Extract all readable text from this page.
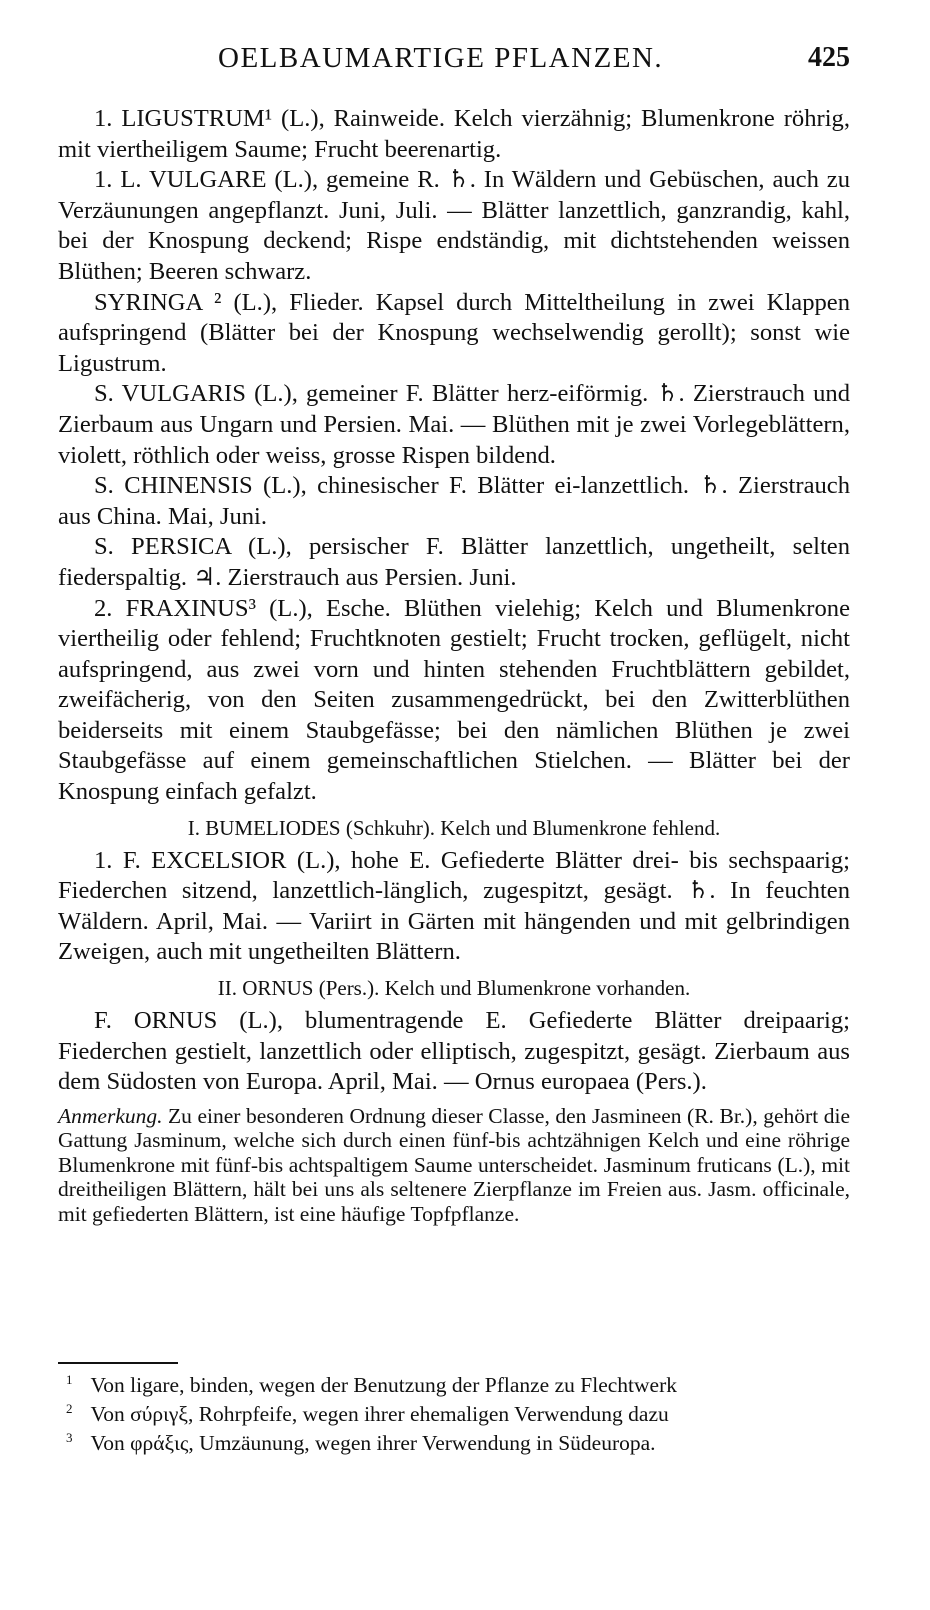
OELBAUMARTIGE PFLANZEN.	425

1. LIGUSTRUM¹ (L.), Rainweide. Kelch vierzähnig; Blumenkrone röhrig, mit viertheiligem Saume; Frucht beerenartig.

1. L. VULGARE (L.), gemeine R. ♄. In Wäldern und Gebüschen, auch zu Verzäunungen angepflanzt. Juni, Juli. — Blätter lanzettlich, ganzrandig, kahl, bei der Knospung deckend; Rispe endständig, mit dichtstehenden weissen Blüthen; Beeren schwarz.

SYRINGA ² (L.), Flieder. Kapsel durch Mitteltheilung in zwei Klappen aufspringend (Blätter bei der Knospung wechselwendig gerollt); sonst wie Ligustrum.

S. VULGARIS (L.), gemeiner F. Blätter herz-eiförmig. ♄. Zierstrauch und Zierbaum aus Ungarn und Persien. Mai. — Blüthen mit je zwei Vorlegeblättern, violett, röthlich oder weiss, grosse Rispen bildend.

S. CHINENSIS (L.), chinesischer F. Blätter ei-lanzettlich. ♄. Zierstrauch aus China. Mai, Juni.

S. PERSICA (L.), persischer F. Blätter lanzettlich, ungetheilt, selten fiederspaltig. ♃. Zierstrauch aus Persien. Juni.

2. FRAXINUS³ (L.), Esche. Blüthen vielehig; Kelch und Blumenkrone viertheilig oder fehlend; Fruchtknoten gestielt; Frucht trocken, geflügelt, nicht aufspringend, aus zwei vorn und hinten stehenden Fruchtblättern gebildet, zweifächerig, von den Seiten zusammengedrückt, bei den Zwitterblüthen beiderseits mit einem Staubgefässe; bei den nämlichen Blüthen je zwei Staubgefässe auf einem gemeinschaftlichen Stielchen. — Blätter bei der Knospung einfach gefalzt.

I. BUMELIODES (Schkuhr). Kelch und Blumenkrone fehlend.

1. F. EXCELSIOR (L.), hohe E. Gefiederte Blätter drei- bis sechspaarig; Fiederchen sitzend, lanzettlich-länglich, zugespitzt, gesägt. ♄. In feuchten Wäldern. April, Mai. — Variirt in Gärten mit hängenden und mit gelbrindigen Zweigen, auch mit ungetheilten Blättern.

II. ORNUS (Pers.). Kelch und Blumenkrone vorhanden.

F. ORNUS (L.), blumentragende E. Gefiederte Blätter dreipaarig; Fiederchen gestielt, lanzettlich oder elliptisch, zugespitzt, gesägt. Zierbaum aus dem Südosten von Europa. April, Mai. — Ornus europaea (Pers.).

Anmerkung. Zu einer besonderen Ordnung dieser Classe, den Jasmineen (R. Br.), gehört die Gattung Jasminum, welche sich durch einen fünf-bis achtzähnigen Kelch und eine röhrige Blumenkrone mit fünf-bis achtspaltigem Saume unterscheidet. Jasminum fruticans (L.), mit dreitheiligen Blättern, hält bei uns als seltenere Zierpflanze im Freien aus. Jasm. officinale, mit gefiederten Blättern, ist eine häufige Topfpflanze.

$^1$ Von ligare, binden, wegen der Benutzung der Pflanze zu Flechtwerk

$^2$ Von σύριγξ, Rohrpfeife, wegen ihrer ehemaligen Verwendung dazu

$^3$ Von φράξις, Umzäunung, wegen ihrer Verwendung in Südeuropa.
